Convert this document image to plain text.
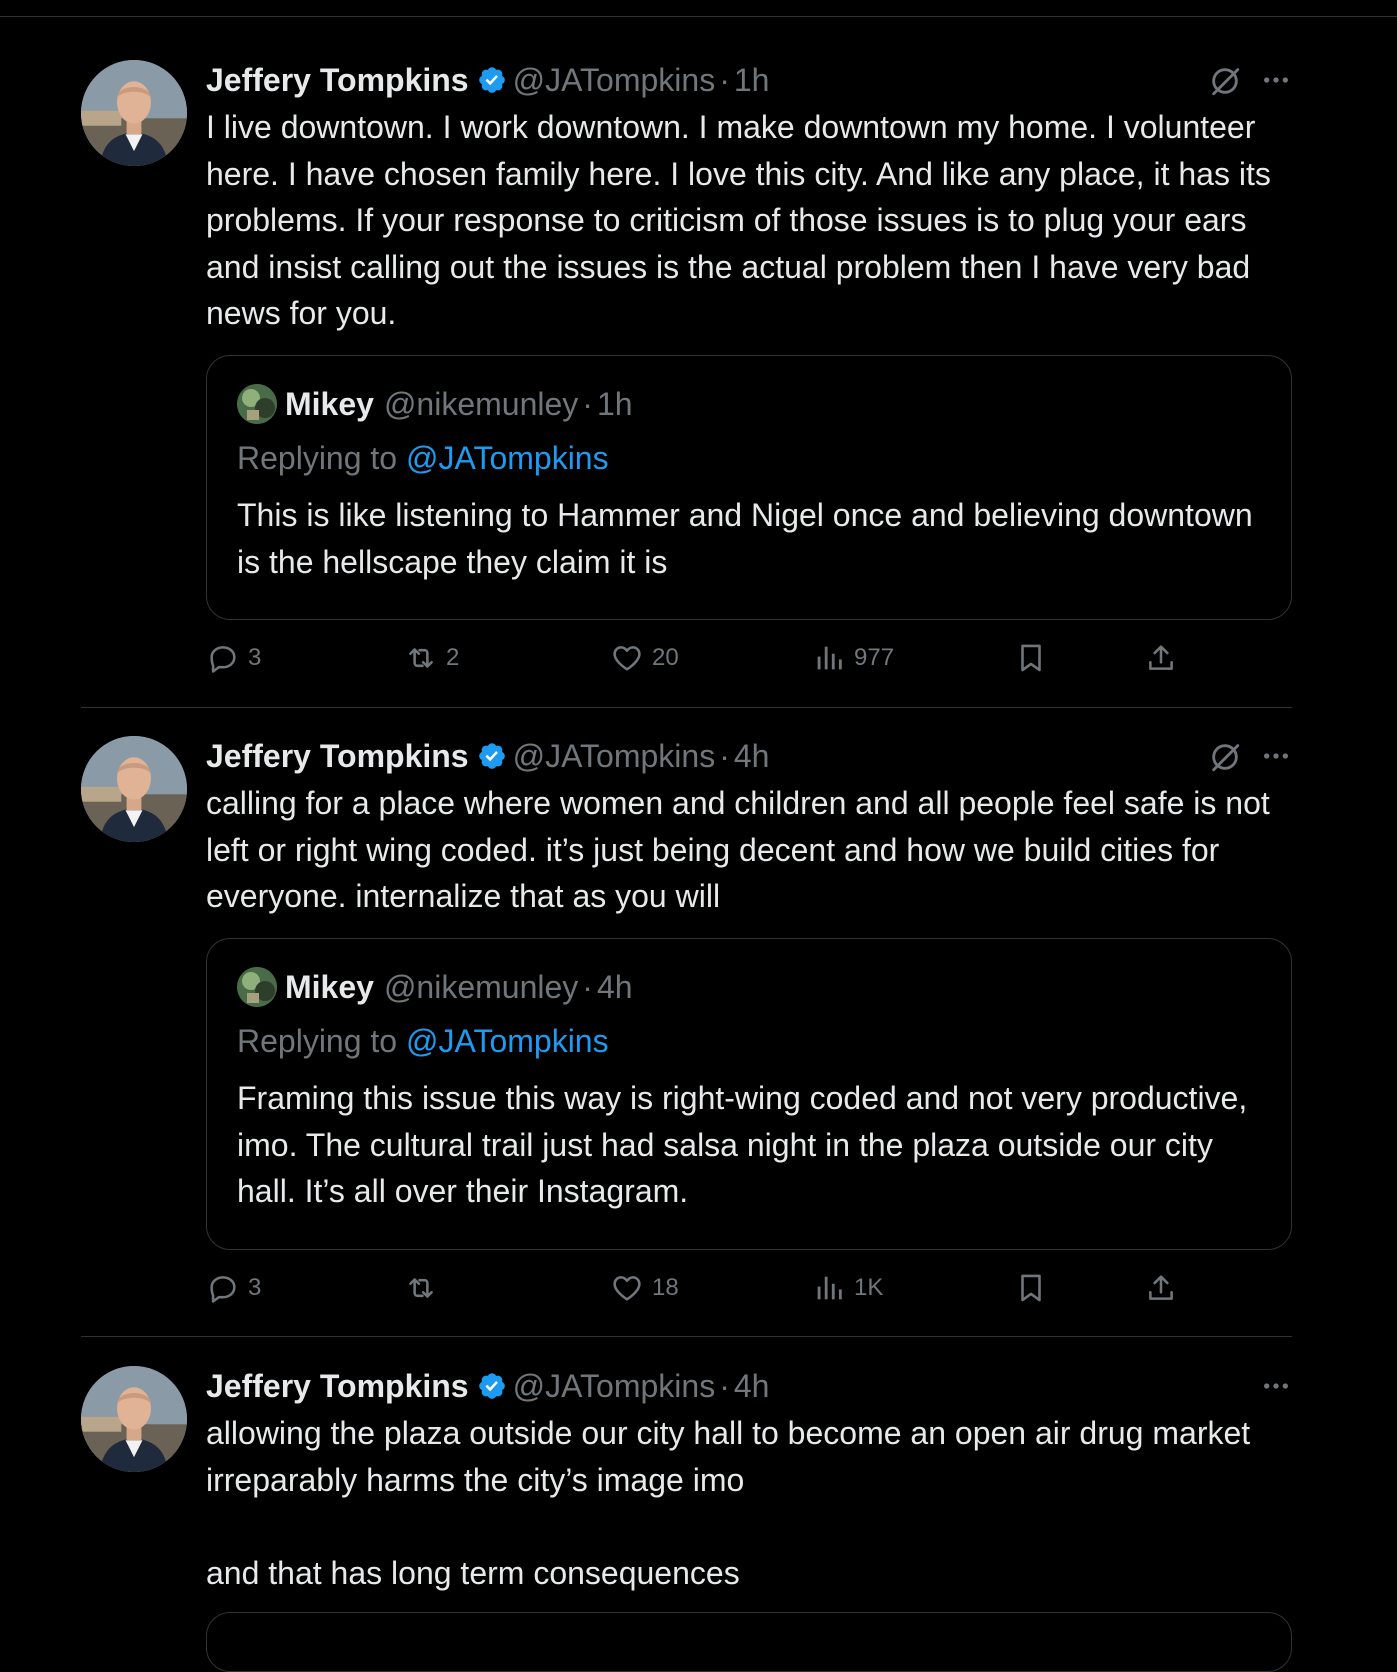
Jeffery Tompkins @JATompkins · 1h
I live downtown. I work downtown. I make downtown my home. I volunteer here. I have chosen family here. I love this city. And like any place, it has its problems. If your response to criticism of those issues is to plug your ears and insist calling out the issues is the actual problem then I have very bad news for you.
Mikey @nikemunley · 1h
Replying to @JATompkins
This is like listening to Hammer and Nigel once and believing downtown is the hellscape they claim it is
3	2	20	977
Jeffery Tompkins @JATompkins · 4h
calling for a place where women and children and all people feel safe is not left or right wing coded. it’s just being decent and how we build cities for everyone. internalize that as you will
Mikey @nikemunley · 4h
Replying to @JATompkins
Framing this issue this way is right-wing coded and not very productive, imo. The cultural trail just had salsa night in the plaza outside our city hall. It’s all over their Instagram.
3	18	1K
Jeffery Tompkins @JATompkins · 4h
allowing the plaza outside our city hall to become an open air drug market irreparably harms the city’s image imo

and that has long term consequences
